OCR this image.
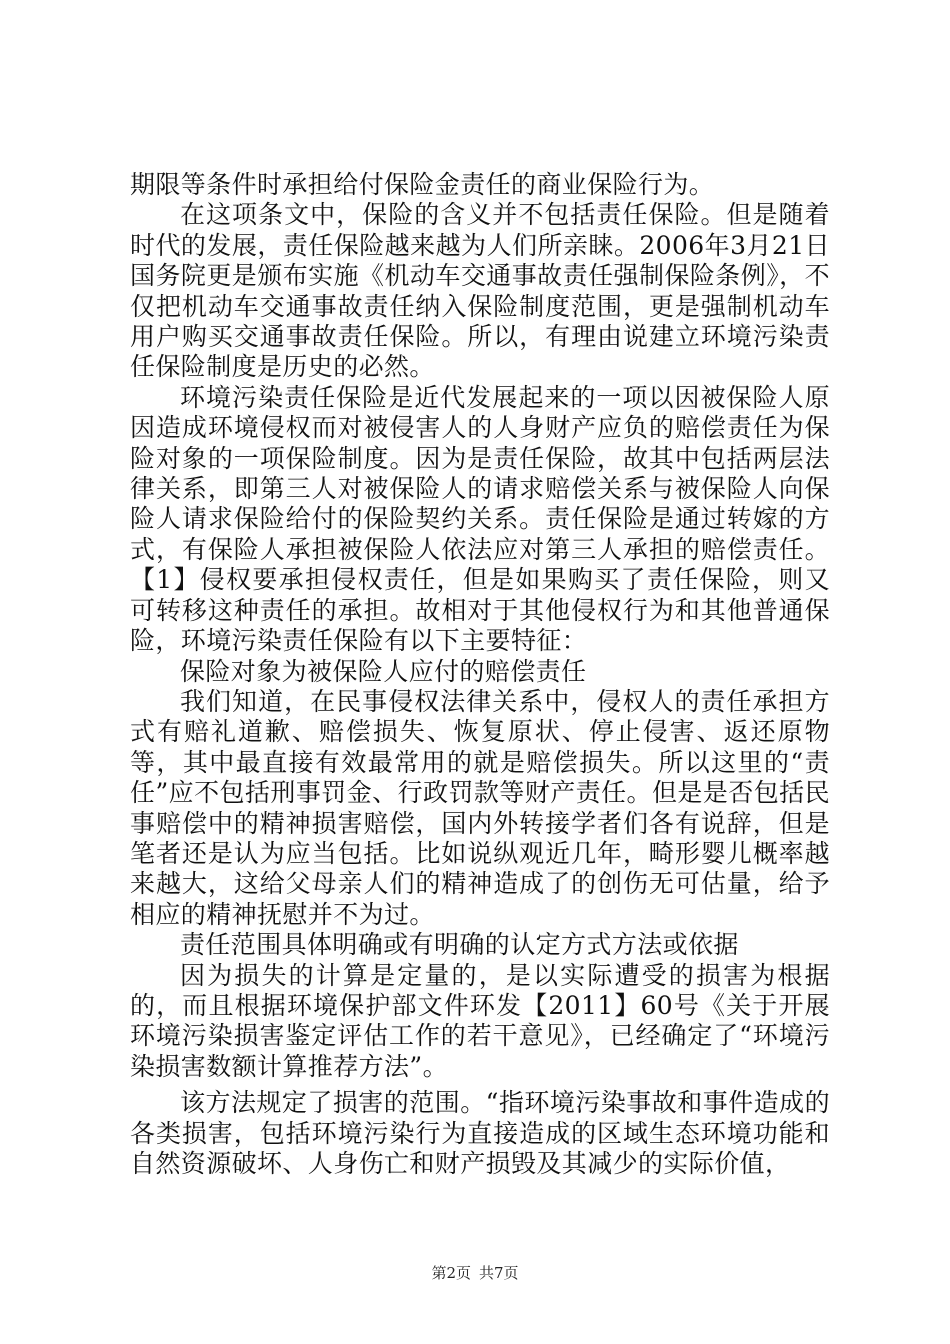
期限等条件时承担给付保险金责任的商业保险行为。

在这项条文中，保险的含义并不包括责任保险。但是随着时代的发展，责任保险越来越为人们所亲睐。2006年3月21日国务院更是颁布实施《机动车交通事故责任强制保险条例》，不仅把机动车交通事故责任纳入保险制度范围，更是强制机动车用户购买交通事故责任保险。所以，有理由说建立环境污染责任保险制度是历史的必然。

环境污染责任保险是近代发展起来的一项以因被保险人原因造成环境侵权而对被侵害人的人身财产应负的赔偿责任为保险对象的一项保险制度。因为是责任保险，故其中包括两层法律关系，即第三人对被保险人的请求赔偿关系与被保险人向保险人请求保险给付的保险契约关系。责任保险是通过转嫁的方式，有保险人承担被保险人依法应对第三人承担的赔偿责任。【1】侵权要承担侵权责任，但是如果购买了责任保险，则又可转移这种责任的承担。故相对于其他侵权行为和其他普通保险，环境污染责任保险有以下主要特征：

保险对象为被保险人应付的赔偿责任

我们知道，在民事侵权法律关系中，侵权人的责任承担方式有赔礼道歉、赔偿损失、恢复原状、停止侵害、返还原物等，其中最直接有效最常用的就是赔偿损失。所以这里的“责任”应不包括刑事罚金、行政罚款等财产责任。但是是否包括民事赔偿中的精神损害赔偿，国内外转接学者们各有说辞，但是笔者还是认为应当包括。比如说纵观近几年，畸形婴儿概率越来越大，这给父母亲人们的精神造成了的创伤无可估量，给予相应的精神抚慰并不为过。

责任范围具体明确或有明确的认定方式方法或依据

因为损失的计算是定量的，是以实际遭受的损害为根据的，而且根据环境保护部文件环发【2011】60号《关于开展环境污染损害鉴定评估工作的若干意见》，已经确定了“环境污染损害数额计算推荐方法”。

该方法规定了损害的范围。“指环境污染事故和事件造成的各类损害，包括环境污染行为直接造成的区域生态环境功能和自然资源破坏、人身伤亡和财产损毁及其减少的实际价值，

第2页 共7页
